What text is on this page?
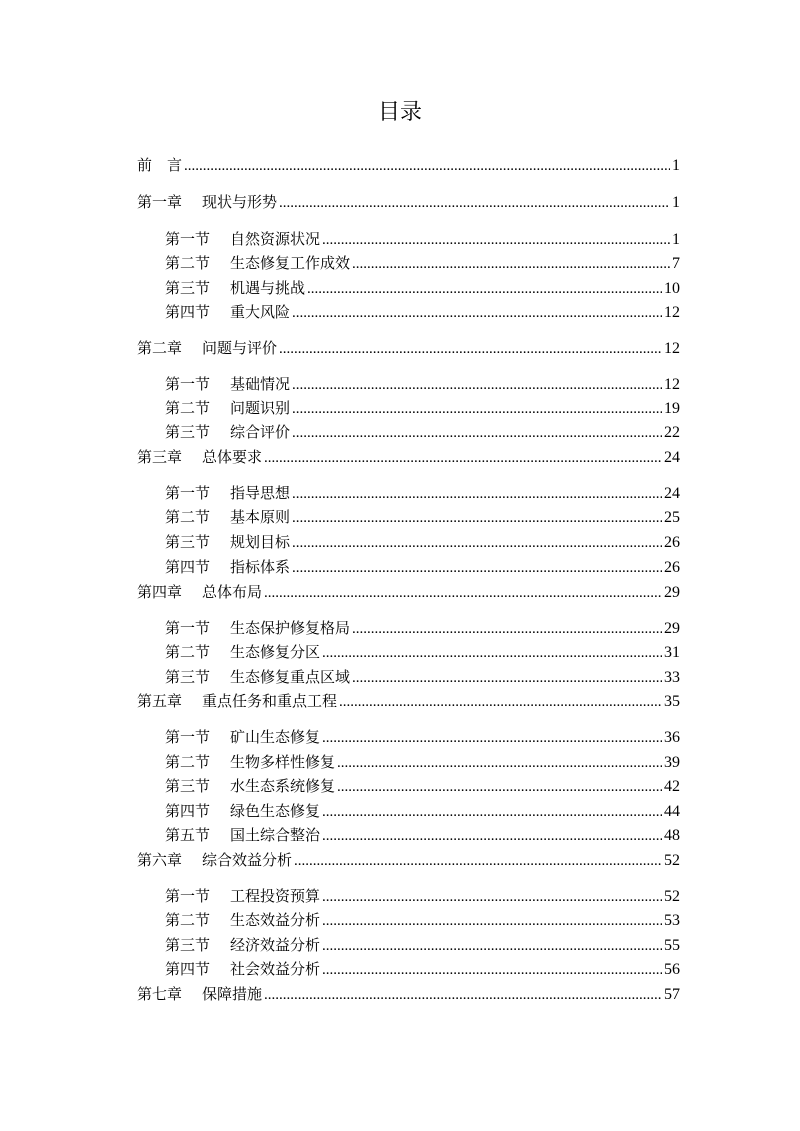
目录
前　言 .....	1
第一章 现状与形势 .....	1
第一节 自然资源状况 .....	1
第二节 生态修复工作成效 .....	7
第三节 机遇与挑战 .....	10
第四节 重大风险 .....	12
第二章 问题与评价 .....	12
第一节 基础情况 .....	12
第二节 问题识别 .....	19
第三节 综合评价 .....	22
第三章 总体要求 .....	24
第一节 指导思想 .....	24
第二节 基本原则 .....	25
第三节 规划目标 .....	26
第四节 指标体系 .....	26
第四章 总体布局 .....	29
第一节 生态保护修复格局 .....	29
第二节 生态修复分区 .....	31
第三节 生态修复重点区域 .....	33
第五章 重点任务和重点工程 .....	35
第一节 矿山生态修复 .....	36
第二节 生物多样性修复 .....	39
第三节 水生态系统修复 .....	42
第四节 绿色生态修复 .....	44
第五节 国土综合整治 .....	48
第六章 综合效益分析 .....	52
第一节 工程投资预算 .....	52
第二节 生态效益分析 .....	53
第三节 经济效益分析 .....	55
第四节 社会效益分析 .....	56
第七章 保障措施 .....	57
